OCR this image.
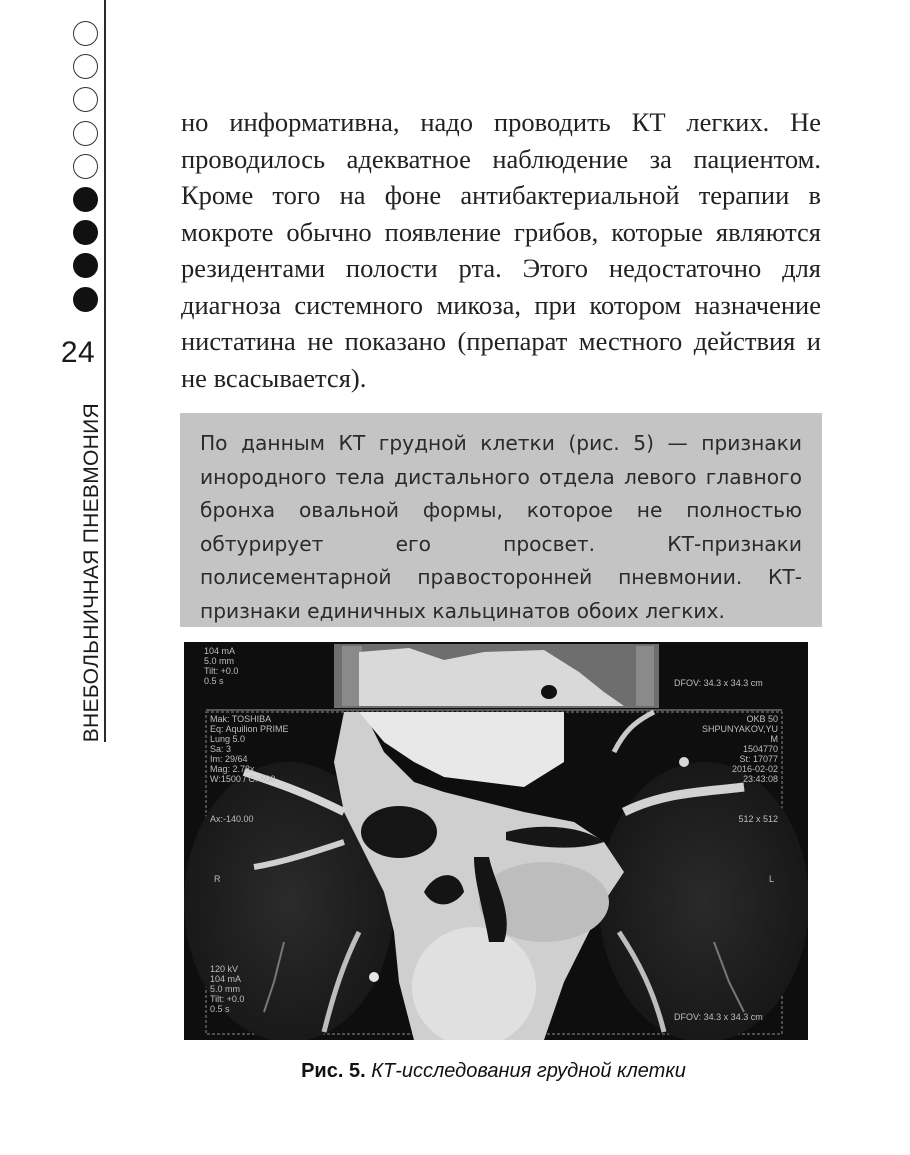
24
ВНЕБОЛЬНИЧНАЯ ПНЕВМОНИЯ

но информативна, надо проводить КТ легких. Не проводилось адекватное наблюдение за пациентом. Кроме того на фоне антибактериальной терапии в мокроте обычно появление грибов, которые являются резидентами полости рта. Этого недостаточно для диагноза системного микоза, при котором назначение нистатина не показано (препарат местного действия и не всасывается).

По данным КТ грудной клетки (рис. 5) — признаки инородного тела дистального отдела левого главного бронха овальной формы, которое не полностью обтурирует его просвет. КТ-признаки полисементарной правосторонней пневмонии. КТ-признаки единичных кальцинатов обоих легких.

104 mA
5.0 mm
Tilt: +0.0
0.5 s	DFOV: 34.3 x 34.3 cm
Mak: TOSHIBA
Eq: Aquilion PRIME
Lung 5.0
Sa: 3
Im: 29/64
Mag: 2.78x
W:1500 / C:-500
OKB 50
SHPUNYAKOV,YU
M
1504770
St: 17077
2016-02-02
23:43:08
Ax:-140.00	512 x 512
R	L
120 kV
104 mA
5.0 mm
Tilt: +0.0
0.5 s
DFOV: 34.3 x 34.3 cm
Рис. 5. КТ-исследования грудной клетки
